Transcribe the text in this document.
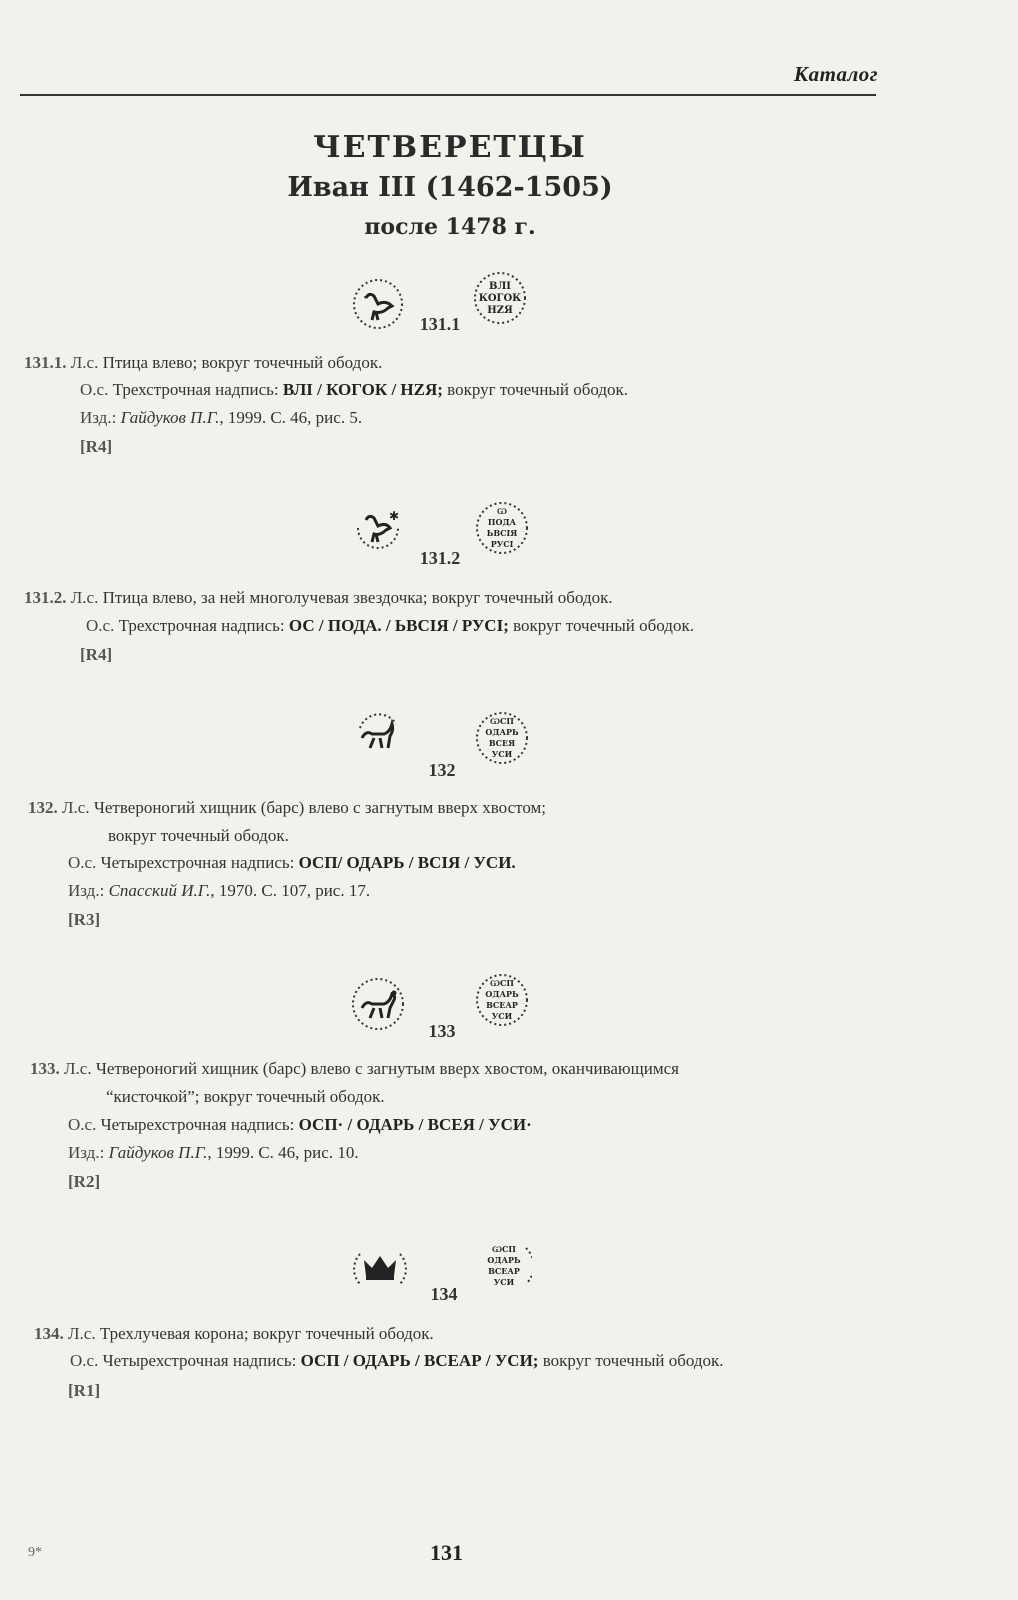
Каталог
ЧЕТВЕРЕТЦЫ
Иван III (1462-1505)
после 1478 г.
ВЛI
КОГОК
НZЯ
131.1
131.1. Л.с. Птица влево; вокруг точечный ободок.
О.с. Трехстрочная надпись: ВЛI / КОГОК / НZЯ; вокруг точечный ободок.
Изд.: Гайдуков П.Г., 1999. С. 46, рис. 5.
[R4]
✱	Ѡ
ПОДА
ЬВСIЯ
РУСI
131.2
131.2. Л.с. Птица влево, за ней многолучевая звездочка; вокруг точечный ободок.
О.с. Трехстрочная надпись: ОС / ПОДА. / ЬВСIЯ / РУСI; вокруг точечный ободок.
[R4]
ѠСП
ОДАРЬ
ВСЕЯ
УСИ
132
132. Л.с. Четвероногий хищник (барс) влево с загнутым вверх хвостом;
вокруг точечный ободок.
О.с. Четырехстрочная надпись: ОСП/ ОДАРЬ / ВСIЯ / УСИ.
Изд.: Спасский И.Г., 1970. С. 107, рис. 17.
[R3]
ѠСП
ОДАРЬ
ВСЕАР
УСИ
133
133. Л.с. Четвероногий хищник (барс) влево с загнутым вверх хвостом, оканчивающимся
“кисточкой”; вокруг точечный ободок.
О.с. Четырехстрочная надпись: ОСП· / ОДАРЬ / ВСЕЯ / УСИ·
Изд.: Гайдуков П.Г., 1999. С. 46, рис. 10.
[R2]
ѠСП
ОДАРЬ
ВСЕАР
УСИ
134
134. Л.с. Трехлучевая корона; вокруг точечный ободок.
О.с. Четырехстрочная надпись: ОСП / ОДАРЬ / ВСЕАР / УСИ; вокруг точечный ободок.
[R1]
9*	131
